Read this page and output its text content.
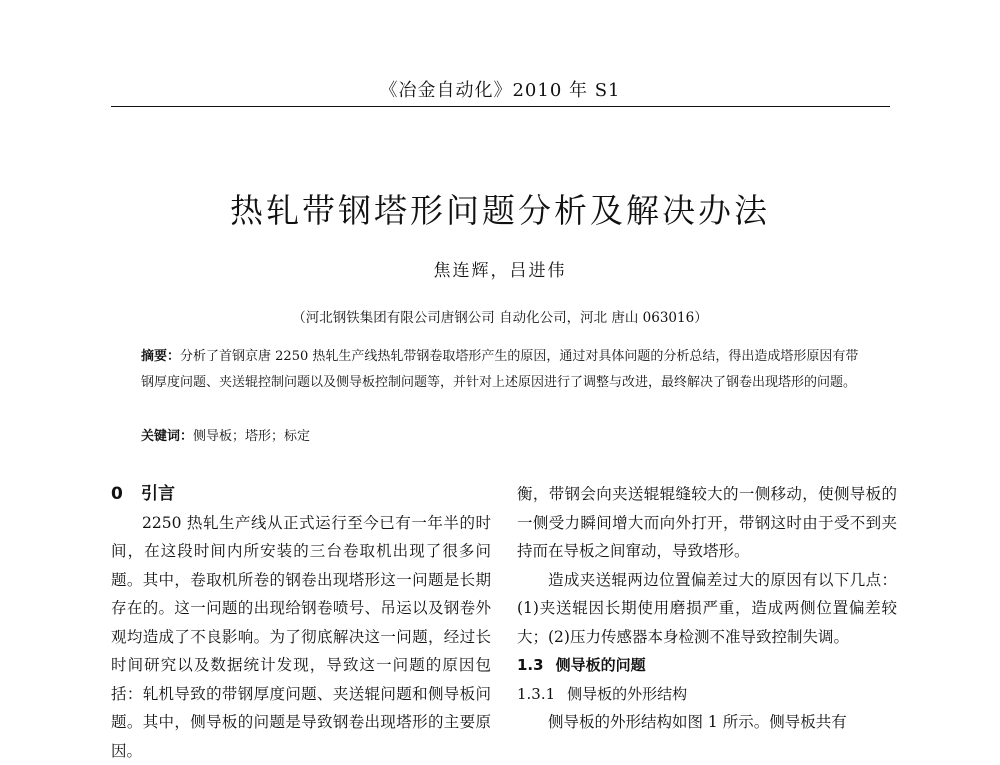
《冶金自动化》2010 年 S1
热轧带钢塔形问题分析及解决办法
焦连辉，吕进伟
（河北钢铁集团有限公司唐钢公司 自动化公司，河北 唐山 063016）
摘要：分析了首钢京唐 2250 热轧生产线热轧带钢卷取塔形产生的原因，通过对具体问题的分析总结，得出造成塔形原因有带钢厚度问题、夹送辊控制问题以及侧导板控制问题等，并针对上述原因进行了调整与改进，最终解决了钢卷出现塔形的问题。
关键词：侧导板；塔形；标定

0 引言

2250 热轧生产线从正式运行至今已有一年半的时间，在这段时间内所安装的三台卷取机出现了很多问题。其中，卷取机所卷的钢卷出现塔形这一问题是长期存在的。这一问题的出现给钢卷喷号、吊运以及钢卷外观均造成了不良影响。为了彻底解决这一问题，经过长时间研究以及数据统计发现，导致这一问题的原因包括：轧机导致的带钢厚度问题、夹送辊问题和侧导板问题。其中，侧导板的问题是导致钢卷出现塔形的主要原因。

衡，带钢会向夹送辊辊缝较大的一侧移动，使侧导板的一侧受力瞬间增大而向外打开，带钢这时由于受不到夹持而在导板之间窜动，导致塔形。

造成夹送辊两边位置偏差过大的原因有以下几点：(1)夹送辊因长期使用磨损严重，造成两侧位置偏差较大；(2)压力传感器本身检测不准导致控制失调。

1.3 侧导板的问题

1.3.1 侧导板的外形结构

侧导板的外形结构如图 1 所示。侧导板共有
